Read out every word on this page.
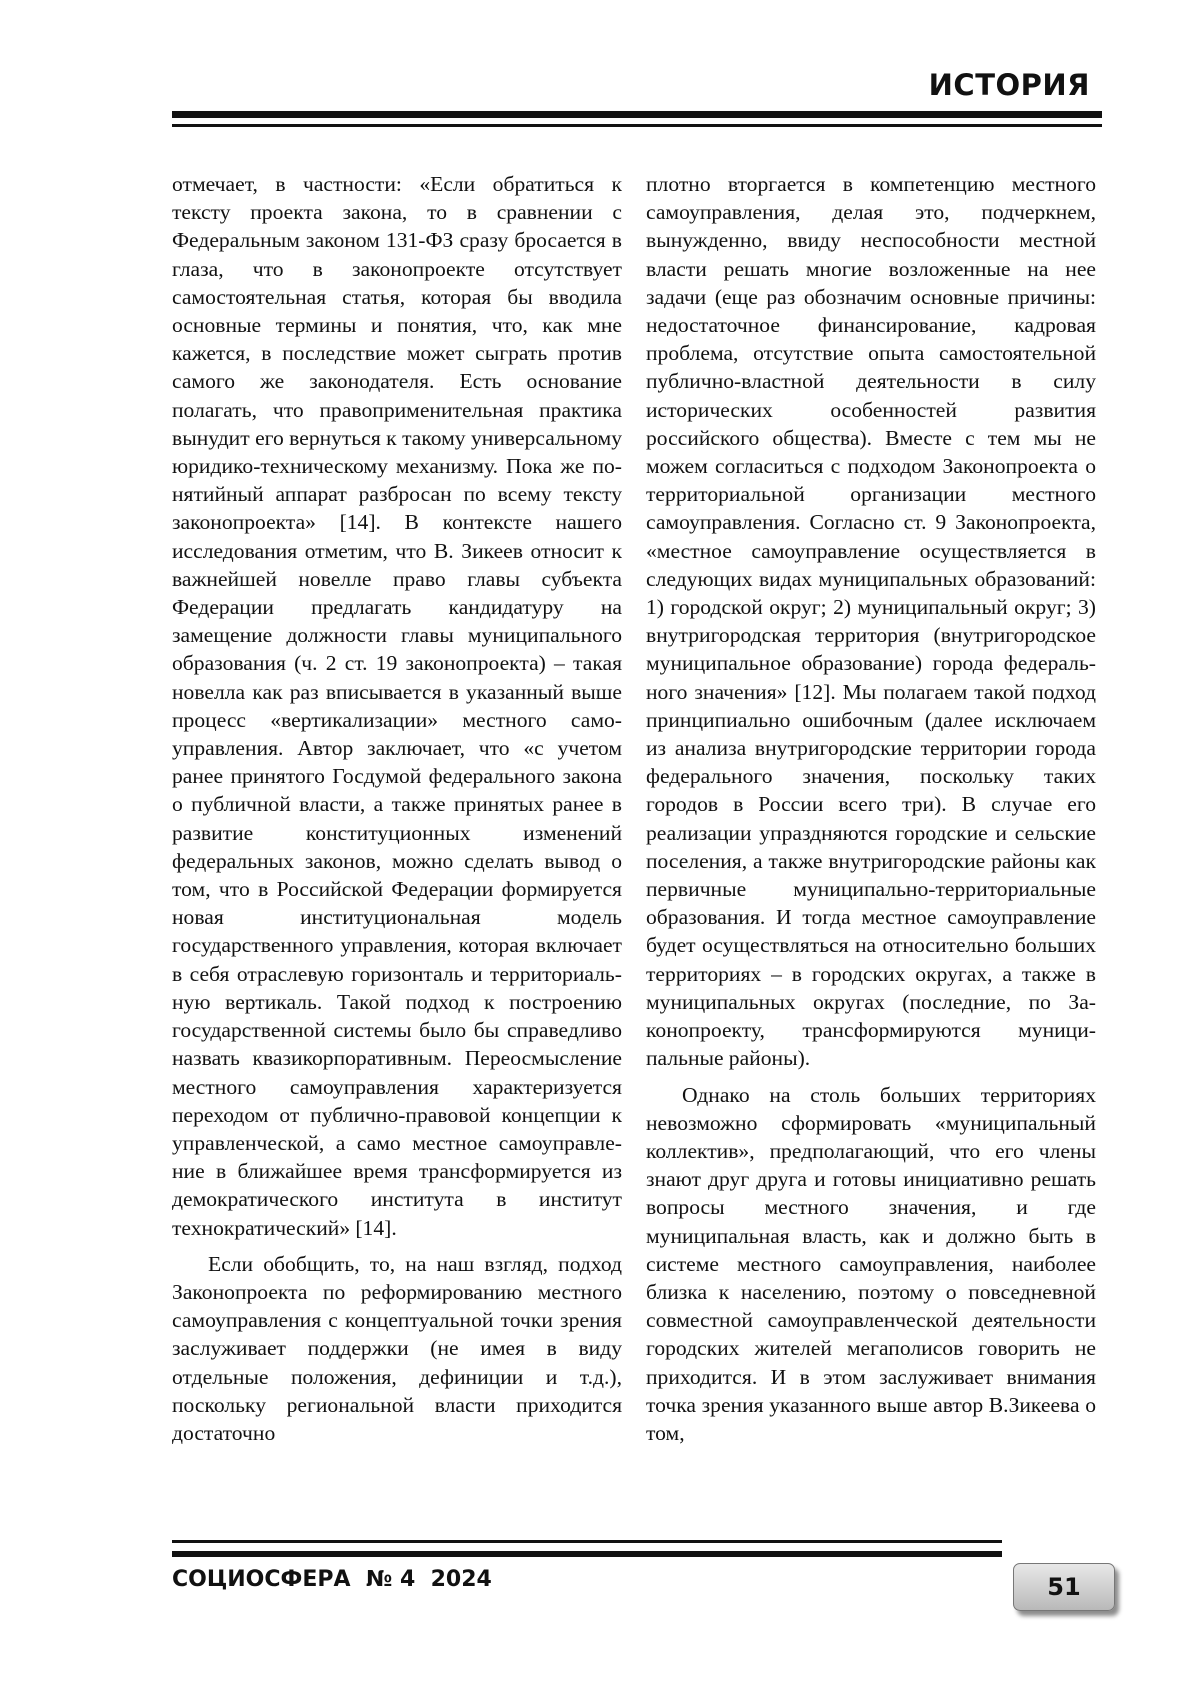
ИСТОРИЯ

отмечает, в частности: «Если обратиться к тексту проекта закона, то в сравнении с Федеральным законом 131-ФЗ сразу бросается в глаза, что в законопроекте отсутствует самостоятельная статья, которая бы вводила основные термины и понятия, что, как мне кажется, в последствие может сыграть против самого же законодателя. Есть основание полагать, что правоприменительная практика вынудит его вернуться к такому универсальному юридико-техническому механизму. Пока же понятийный аппарат разбросан по всему тексту законопроекта» [14]. В контексте нашего исследования отметим, что В. Зикеев относит к важнейшей новелле право главы субъекта Федерации предлагать кандидатуру на замещение должности главы муниципального образования (ч. 2 ст. 19 законопроекта) – такая новелла как раз вписывается в указанный выше процесс «вертикализации» местного самоуправления. Автор заключает, что «с учетом ранее принятого Госдумой федерального закона о публичной власти, а также принятых ранее в развитие конституционных изменений федеральных законов, можно сделать вывод о том, что в Российской Федерации формируется новая институциональная модель государственного управления, которая включает в себя отраслевую горизонталь и территориальную вертикаль. Такой подход к построению государственной системы было бы справедливо назвать квазикорпоративным. Переосмысление местного самоуправления характеризуется переходом от публично-правовой концепции к управленческой, а само местное самоуправление в ближайшее время трансформируется из демократического института в институт технократический» [14].

Если обобщить, то, на наш взгляд, подход Законопроекта по реформированию местного самоуправления с концептуальной точки зрения заслуживает поддержки (не имея в виду отдельные положения, дефиниции и т.д.), поскольку региональной власти приходится достаточно

плотно вторгается в компетенцию местного самоуправления, делая это, подчеркнем, вынужденно, ввиду неспособности местной власти решать многие возложенные на нее задачи (еще раз обозначим основные причины: недостаточное финансирование, кадровая проблема, отсутствие опыта самостоятельной публично-властной деятельности в силу исторических особенностей развития российского общества). Вместе с тем мы не можем согласиться с подходом Законопроекта о территориальной организации местного самоуправления. Согласно ст. 9 Законопроекта, «местное самоуправление осуществляется в следующих видах муниципальных образований: 1) городской округ; 2) муниципальный округ; 3) внутригородская территория (внутригородское муниципальное образование) города федерального значения» [12]. Мы полагаем такой подход принципиально ошибочным (далее исключаем из анализа внутригородские территории города федерального значения, поскольку таких городов в России всего три). В случае его реализации упраздняются городские и сельские поселения, а также внутригородские районы как первичные муниципально-территориальные образования. И тогда местное самоуправление будет осуществляться на относительно больших территориях – в городских округах, а также в муниципальных округах (последние, по Законопроекту, трансформируются муниципальные районы).

Однако на столь больших территориях невозможно сформировать «муниципальный коллектив», предполагающий, что его члены знают друг друга и готовы инициативно решать вопросы местного значения, и где муниципальная власть, как и должно быть в системе местного самоуправления, наиболее близка к населению, поэтому о повседневной совместной самоуправленческой деятельности городских жителей мегаполисов говорить не приходится. И в этом заслуживает внимания точка зрения указанного выше автор В.Зикеева о том,

СОЦИОСФЕРА  № 4  2024	51
